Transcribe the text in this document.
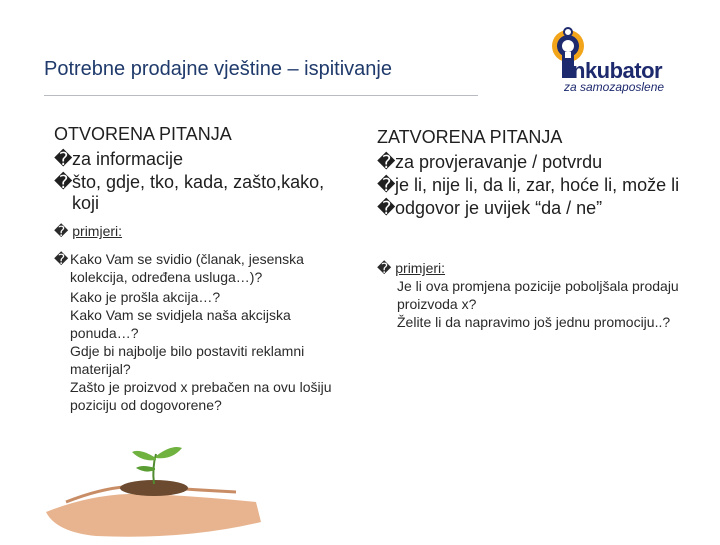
Potrebne prodajne vještine – ispitivanje	nkubator
za samozaposlene
OTVORENA PITANJA
�za informacije
�što, gdje, tko, kada, zašto,kako, koji
� primjeri:
� Kako Vam se svidio (članak, jesenska kolekcija, određena usluga…)?

Kako je prošla akcija…?

Kako Vam se svidjela naša akcijska ponuda…?

Gdje bi najbolje bilo postaviti reklamni materijal?

Zašto je proizvod x prebačen na ovu lošiju poziciju od dogovorene?

ZATVORENA PITANJA
�za provjeravanje / potvrdu
�je li, nije li, da li, zar, hoće li, može li
�odgovor je uvijek “da / ne”
� primjeri:

Je li ova promjena pozicije poboljšala prodaju proizvoda x?

Želite li da napravimo još jednu promociju..?
